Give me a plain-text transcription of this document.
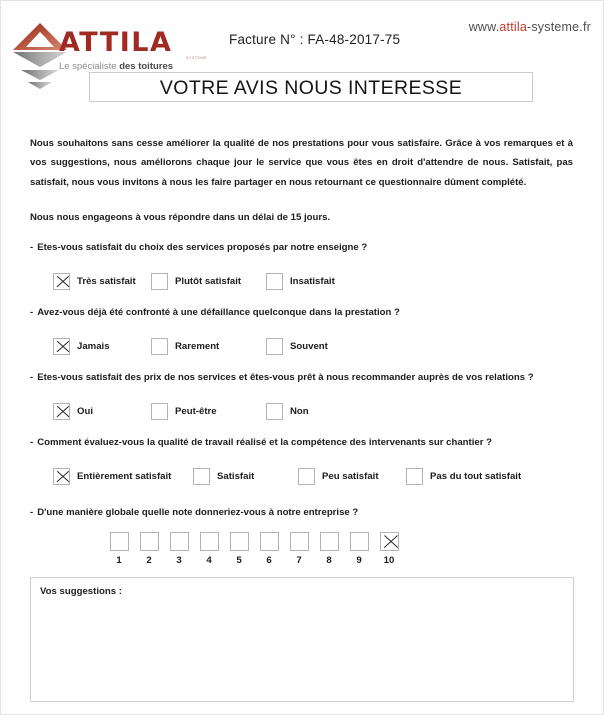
ATTILA	SYSTEME
Le spécialiste des toitures
Facture N° : FA-48-2017-75
www.attila-systeme.fr
VOTRE AVIS NOUS INTERESSE

Nous souhaitons sans cesse améliorer la qualité de nos prestations pour vous satisfaire. Grâce à vos remarques et à vos suggestions, nous améliorons chaque jour le service que vous êtes en droit d'attendre de nous. Satisfait, pas satisfait, nous vous invitons à nous les faire partager en nous retournant ce questionnaire dûment complété.

Nous nous engageons à vous répondre dans un délai de 15 jours.

- Etes-vous satisfait du choix des services proposés par notre enseigne ?
Très satisfait	Plutôt satisfait	Insatisfait
- Avez-vous déjà été confronté à une défaillance quelconque dans la prestation ?
Jamais	Rarement	Souvent
- Etes-vous satisfait des prix de nos services et êtes-vous prêt à nous recommander auprès de vos relations ?
Oui	Peut-être	Non
- Comment évaluez-vous la qualité de travail réalisé et la compétence des intervenants sur chantier ?
Entièrement satisfait	Satisfait	Peu satisfait	Pas du tout satisfait
- D'une manière globale quelle note donneriez-vous à notre entreprise ?
1	2	3	4	5	6	7	8	9 10
Vos suggestions :
